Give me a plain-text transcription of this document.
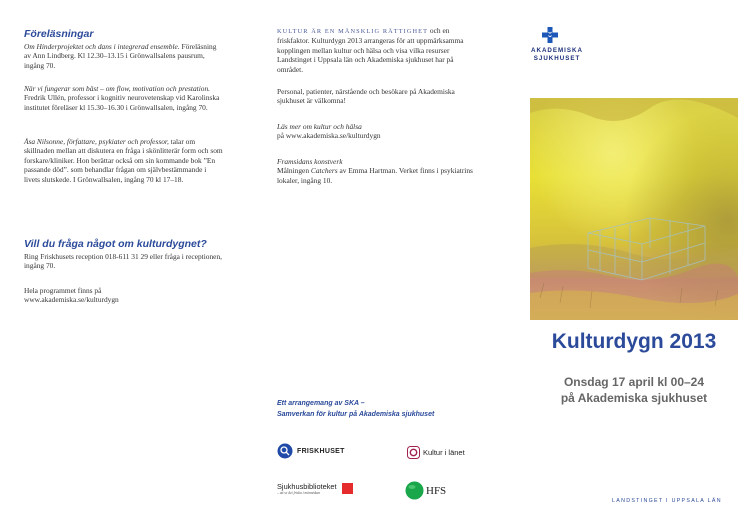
Föreläsningar

Om Hinderprojektet och dans i integrerad ensemble. Föreläsning av Ann Lindberg. Kl 12.30–13.15 i Grönwallsalens pausrum, ingång 70.

När vi fungerar som bäst – om flow, motivation och prestation. Fredrik Ullén, professor i kognitiv neurovetenskap vid Karolinska institutet föreläser kl 15.30–16.30 i Grönwallsalen, ingång 70.

Åsa Nilsonne, författare, psykiater och professor, talar om skillnaden mellan att diskutera en fråga i skönlitterär form och som forskare/kliniker. Hon berättar också om sin kommande bok ”En passande död”. som behandlar frågan om självbestämmande i livets slutskede. I Grönwallsalen, ingång 70 kl 17–18.

Vill du fråga något om kulturdygnet?

Ring Friskhusets reception 018-611 31 29 eller fråga i receptionen, ingång 70.

Hela programmet finns på www.akademiska.se/kulturdygn

KULTUR ÄR EN MÄNSKLIG RÄTTIGHET och en friskfaktor. Kulturdygn 2013 arrangeras för att uppmärksamma kopplingen mellan kultur och hälsa och visa vilka resurser Landstinget i Uppsala län och Akademiska sjukhuset har på området.

Personal, patienter, närstående och besökare på Akademiska sjukhuset är välkomna!

Läs mer om kultur och hälsa

på www.akademiska.se/kulturdygn

Framsidans konstverk

Målningen Catchers av Emma Hartman. Verket finns i psykiatrins lokaler, ingång 10.

Ett arrangemang av SKA –
Samverkan för kultur på Akademiska sjukhuset
FRISKHUSET	Kultur i länet
Sjukhusbiblioteket
– att se det friska i människan	HFS
AKADEMISKA
SJUKHUSET
Kulturdygn 2013
Onsdag 17 april kl 00–24
på Akademiska sjukhuset
LANDSTINGET I UPPSALA LÄN
